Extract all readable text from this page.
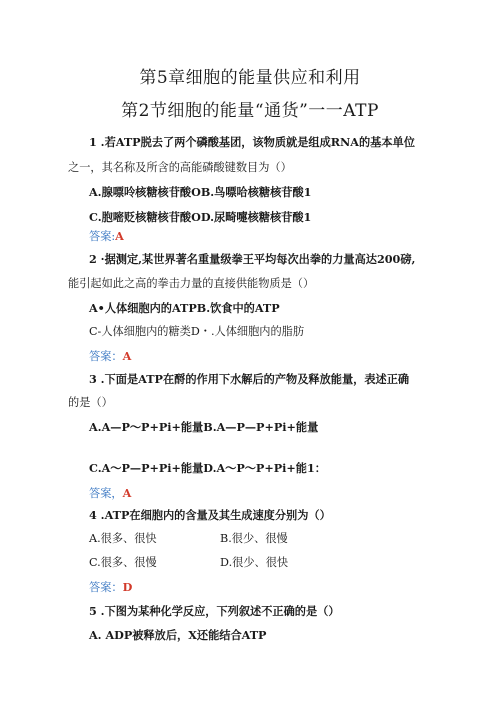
第5章细胞的能量供应和利用
第2节细胞的能量“通货”一一ATP
1 .若ATP脱去了两个磷酸基团，该物质就是组成RNA的基本单位
之一，其名称及所含的高能磷酸键数目为（）
A.腺嘌呤核糖核苷酸OB.鸟嘌哈核糖核苷酸1
C.胞嘧贬核糖核苷酸OD.尿畸嚏核糖核苷酸1
答案:A
2 ·据测定,某世界著名重量级拳王平均每次出拳的力量高达200磅,
能引起如此之高的拳击力量的直接供能物质是（）
A•人体细胞内的ATPB.饮食中的ATP
C-人体细胞内的糖类D・.人体细胞内的脂肪
答案：A
3 .下面是ATP在酹的作用下水解后的产物及释放能量，表述正确
的是（）
A.A—P～P+Pi+能量B.A—P—P+Pi+能量
C.A～P—P+Pi+能量D.A～P～P+Pi+能1：
答案，A
4 .ATP在细胞内的含量及其生成速度分别为（）
A.很多、很快	B.很少、很慢
C.很多、很慢	D.很少、很快
答案：D
5 .下图为某种化学反应，下列叙述不正确的是（）
A. ADP被释放后，X还能结合ATP
